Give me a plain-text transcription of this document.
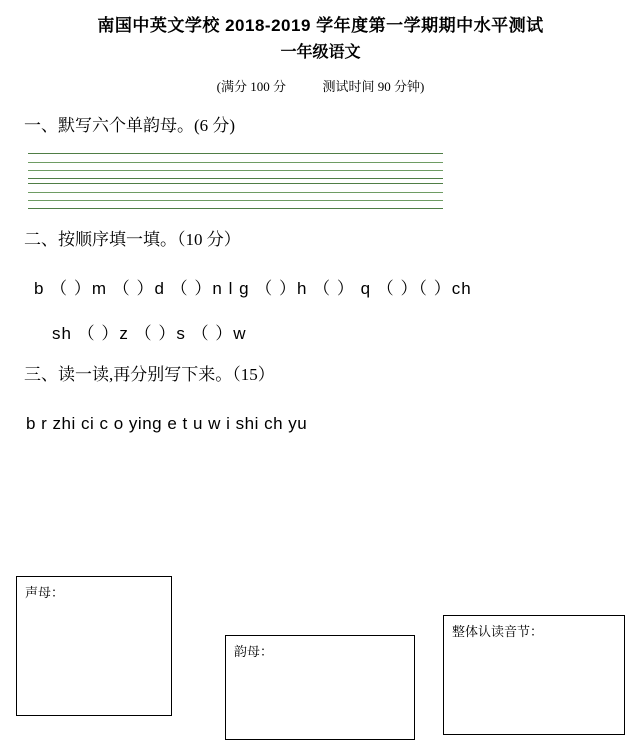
南国中英文学校 2018-2019 学年度第一学期期中水平测试
一年级语文
(满分 100 分	测试时间 90 分钟)
一、默写六个单韵母。(6 分)
二、按顺序填一填。（10 分）
b （ ）m （ ）d （ ）n l g （ ）h （ ） q （ ）（ ）ch
sh （ ）z （ ）s （ ）w
三、读一读,再分别写下来。（15）
b r zhi ci c o ying e t u w i shi ch yu
声母：
韵母：
整体认读音节：
